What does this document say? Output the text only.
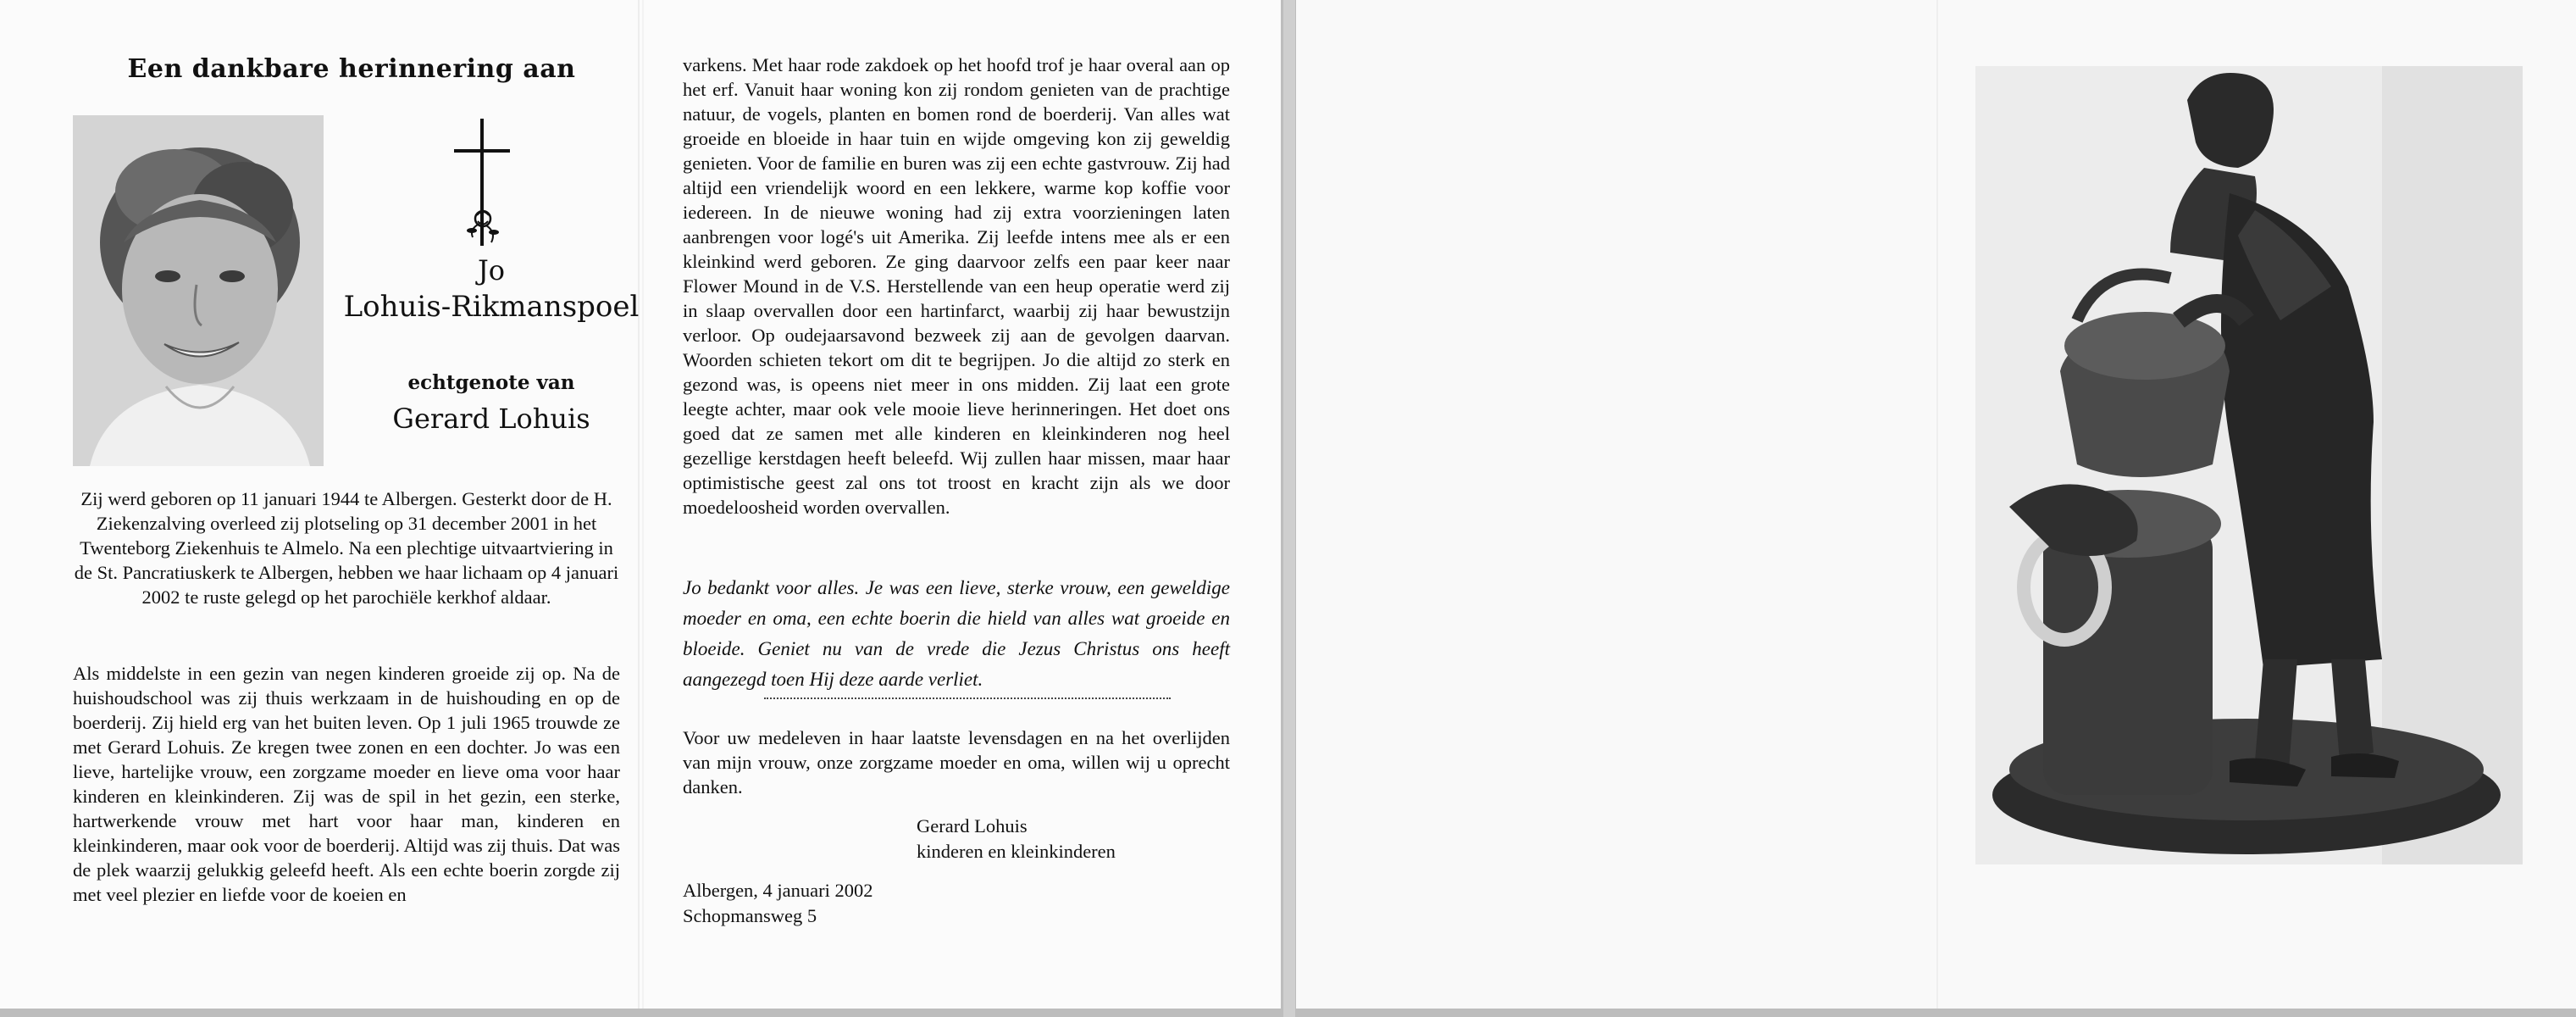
Een dankbare herinnering aan
Jo
Lohuis-Rikmanspoel
echtgenote van
Gerard Lohuis
Zij werd geboren op 11 januari 1944 te Albergen. Gesterkt door de H. Ziekenzalving overleed zij plotseling op 31 december 2001 in het Twenteborg Ziekenhuis te Almelo. Na een plechtige uitvaartviering in de St. Pancratiuskerk te Albergen, hebben we haar lichaam op 4 januari 2002 te ruste gelegd op het parochiële kerkhof aldaar.

Als middelste in een gezin van negen kinderen groeide zij op. Na de huishoudschool was zij thuis werkzaam in de huishouding en op de boerderij. Zij hield erg van het buiten leven. Op 1 juli 1965 trouwde ze met Gerard Lohuis. Ze kregen twee zonen en een dochter. Jo was een lieve, hartelijke vrouw, een zorgzame moeder en lieve oma voor haar kinderen en kleinkinderen. Zij was de spil in het gezin, een sterke, hartwerkende vrouw met hart voor haar man, kinderen en kleinkinderen, maar ook voor de boerderij. Altijd was zij thuis. Dat was de plek waarzij gelukkig geleefd heeft. Als een echte boerin zorgde zij met veel plezier en liefde voor de koeien en

varkens. Met haar rode zakdoek op het hoofd trof je haar overal aan op het erf. Vanuit haar woning kon zij rondom genieten van de prachtige natuur, de vogels, planten en bomen rond de boerderij. Van alles wat groeide en bloeide in haar tuin en wijde omgeving kon zij geweldig genieten. Voor de familie en buren was zij een echte gastvrouw. Zij had altijd een vriendelijk woord en een lekkere, warme kop koffie voor iedereen. In de nieuwe woning had zij extra voorzieningen laten aanbrengen voor logé's uit Amerika. Zij leefde intens mee als er een kleinkind werd geboren. Ze ging daarvoor zelfs een paar keer naar Flower Mound in de V.S. Herstellende van een heup operatie werd zij in slaap overvallen door een hartinfarct, waarbij zij haar bewustzijn verloor. Op oudejaarsavond bezweek zij aan de gevolgen daarvan. Woorden schieten tekort om dit te begrijpen. Jo die altijd zo sterk en gezond was, is opeens niet meer in ons midden. Zij laat een grote leegte achter, maar ook vele mooie lieve herinneringen. Het doet ons goed dat ze samen met alle kinderen en kleinkinderen nog heel gezellige kerstdagen heeft beleefd. Wij zullen haar missen, maar haar optimistische geest zal ons tot troost en kracht zijn als we door moedeloosheid worden overvallen.

Jo bedankt voor alles. Je was een lieve, sterke vrouw, een geweldige moeder en oma, een echte boerin die hield van alles wat groeide en bloeide. Geniet nu van de vrede die Jezus Christus ons heeft aangezegd toen Hij deze aarde verliet.
Voor uw medeleven in haar laatste levensdagen en na het overlijden van mijn vrouw, onze zorgzame moeder en oma, willen wij u oprecht danken.
Gerard Lohuis
kinderen en kleinkinderen
Albergen, 4 januari 2002
Schopmansweg 5
